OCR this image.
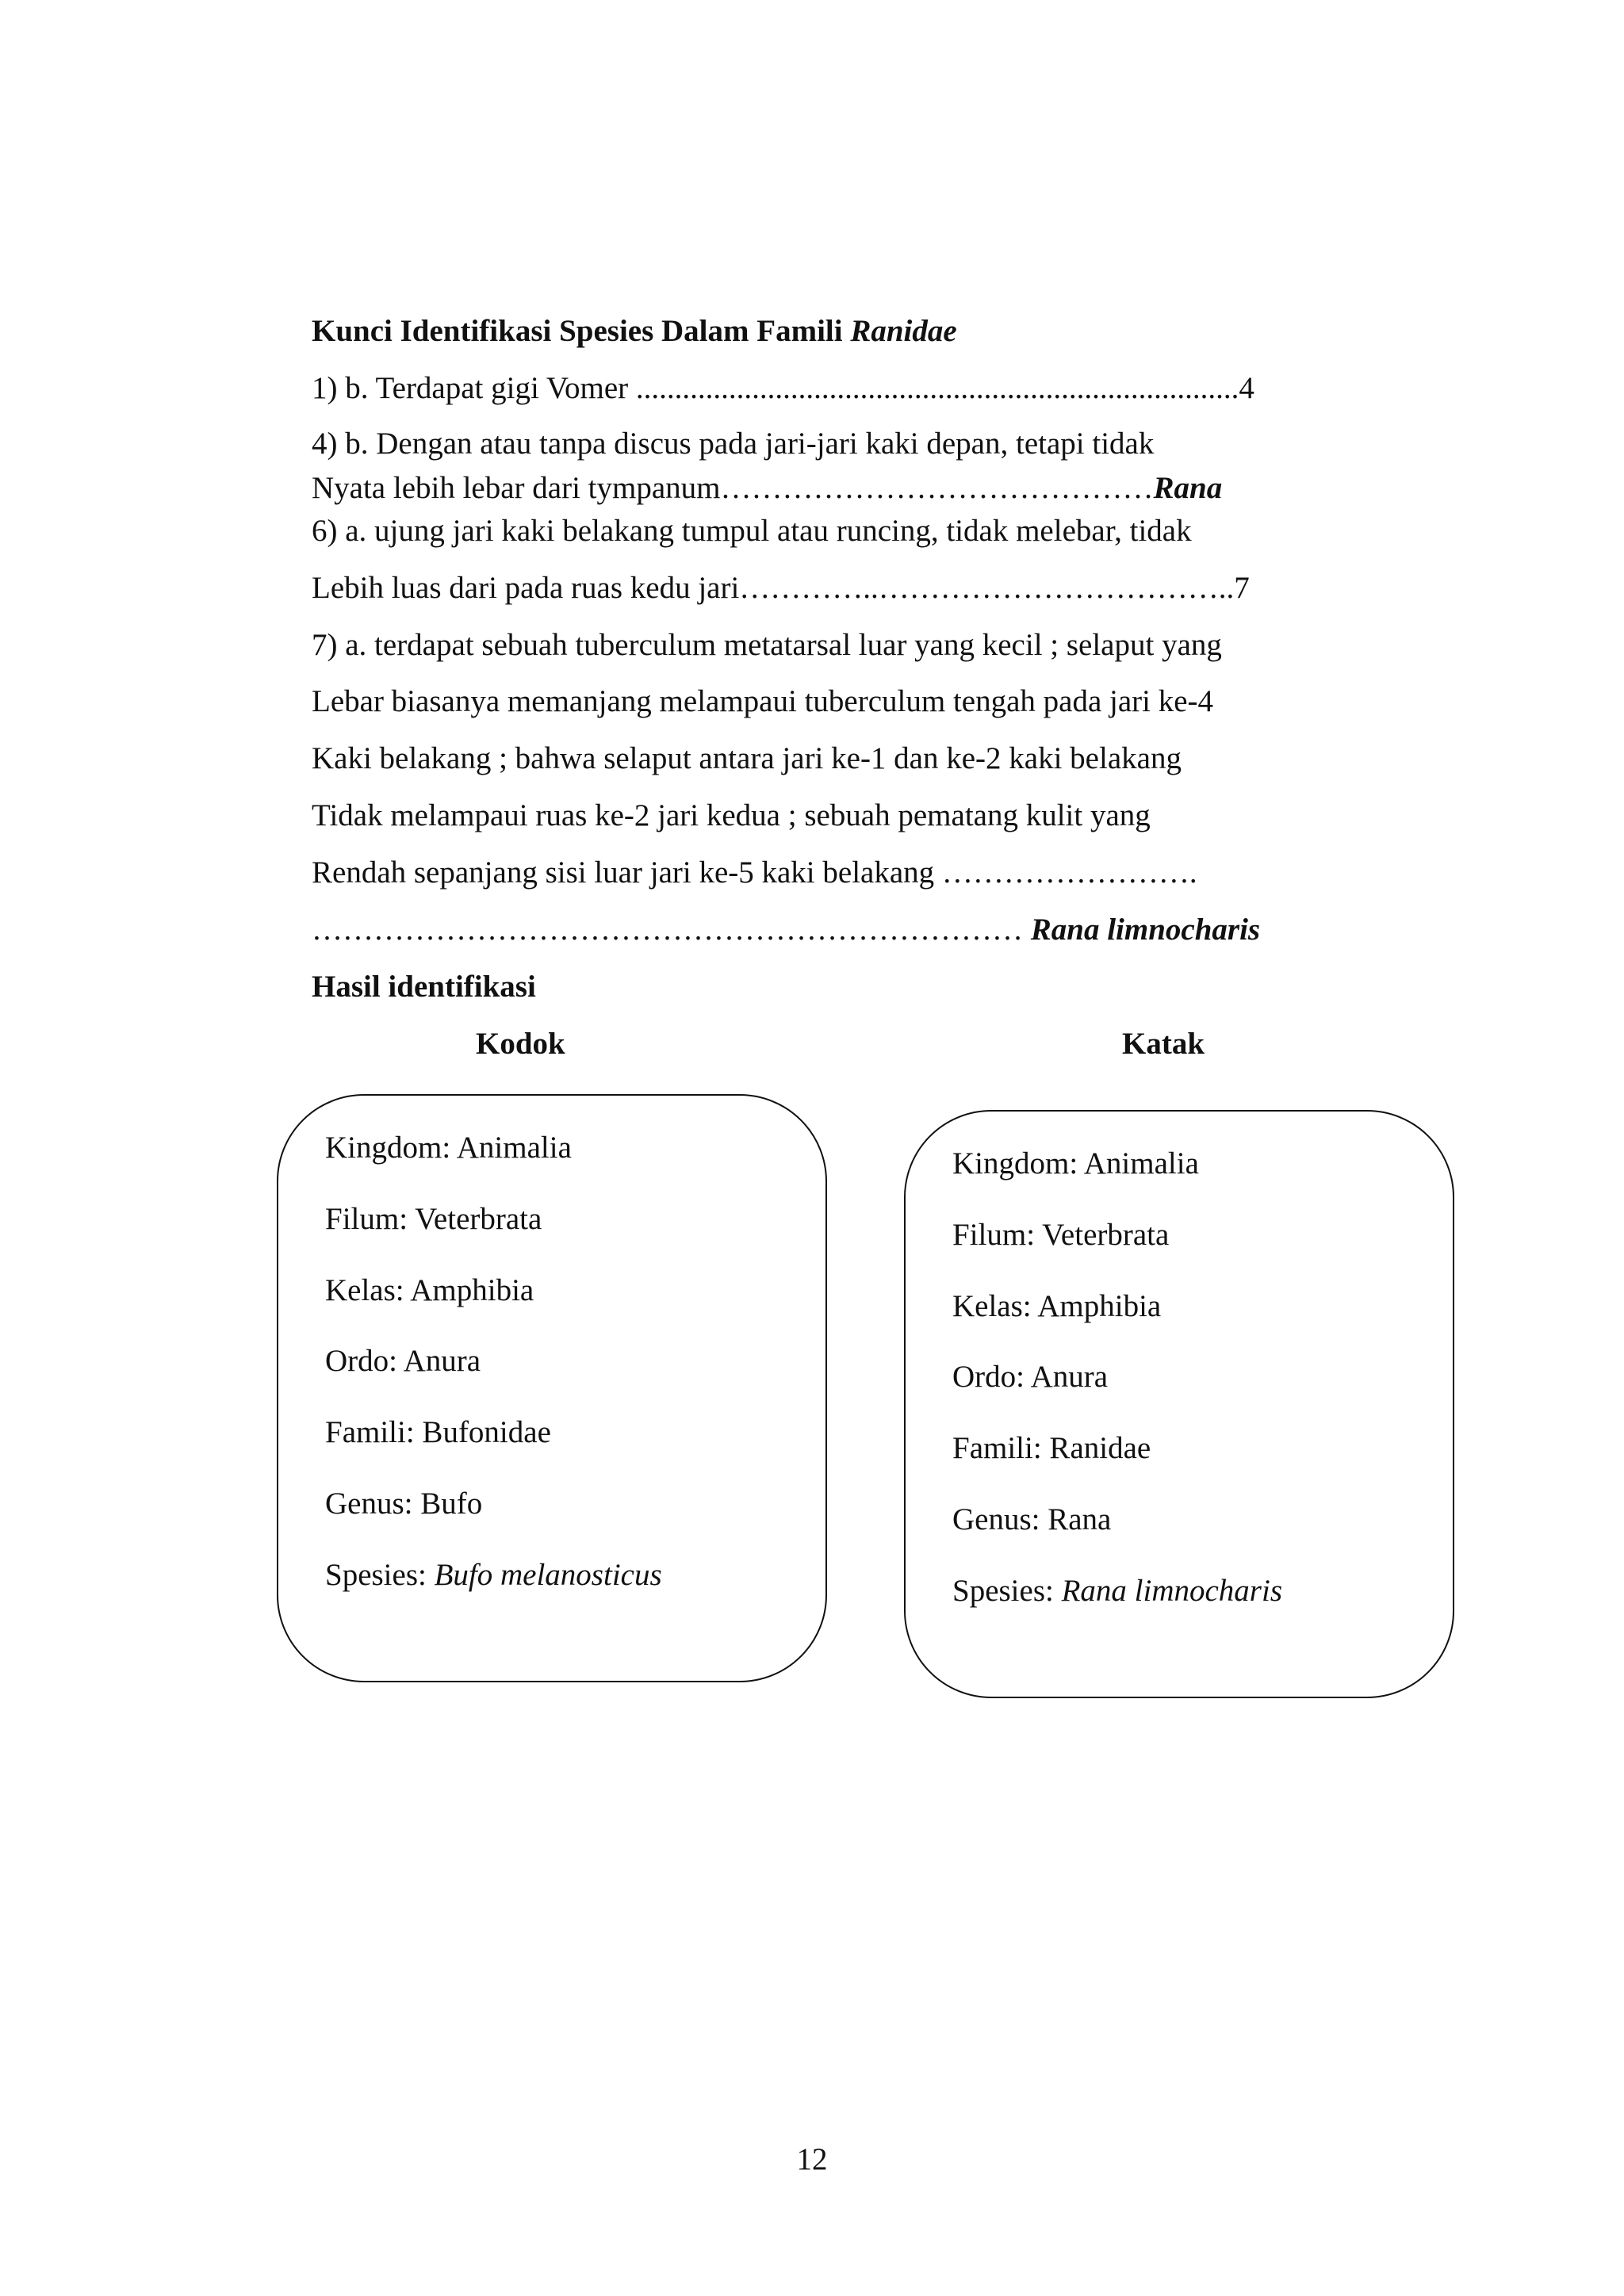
Kunci Identifikasi Spesies Dalam Famili Ranidae
1) b. Terdapat gigi Vomer ..............................................................................4
4) b. Dengan atau tanpa discus pada jari-jari kaki depan, tetapi tidak
Nyata lebih lebar dari tympanum……………………………………Rana
6) a. ujung jari kaki belakang tumpul atau runcing, tidak melebar, tidak
Lebih luas dari pada ruas kedu jari…………..……………………………..7
7) a. terdapat sebuah tuberculum metatarsal luar yang kecil ; selaput yang
Lebar biasanya memanjang melampaui tuberculum tengah pada jari ke-4
Kaki belakang ; bahwa selaput antara jari ke-1 dan ke-2 kaki belakang
Tidak melampaui ruas ke-2 jari kedua ; sebuah pematang kulit yang
Rendah sepanjang sisi luar jari ke-5 kaki belakang …………………….
…………………………………………………………… Rana limnocharis
Hasil identifikasi
Kodok	Katak
Kingdom: Animalia
Filum: Veterbrata
Kelas: Amphibia
Ordo: Anura
Famili: Bufonidae
Genus: Bufo
Spesies: Bufo melanosticus
Kingdom: Animalia
Filum: Veterbrata
Kelas: Amphibia
Ordo: Anura
Famili: Ranidae
Genus: Rana
Spesies: Rana limnocharis
12
